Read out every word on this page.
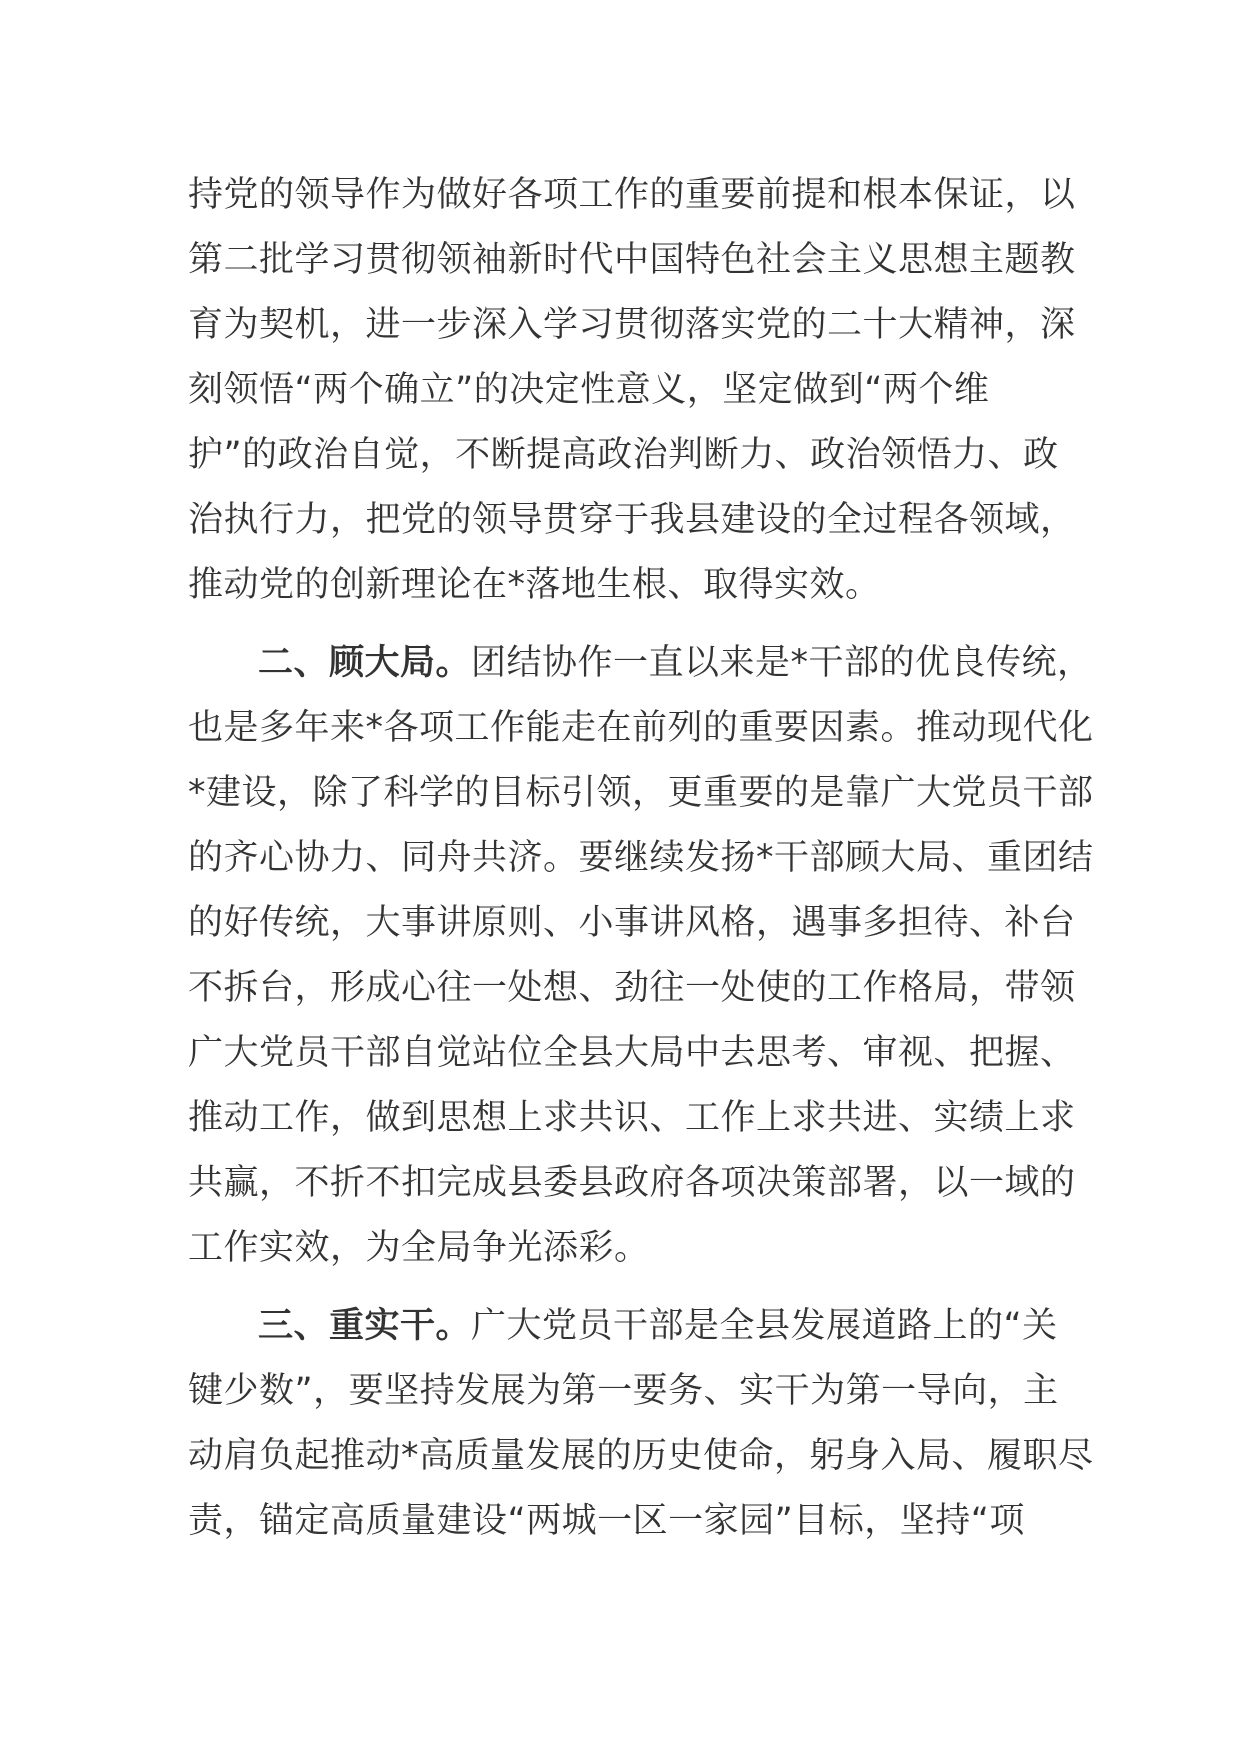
持党的领导作为做好各项工作的重要前提和根本保证，以
第二批学习贯彻领袖新时代中国特色社会主义思想主题教
育为契机，进一步深入学习贯彻落实党的二十大精神，深
刻领悟“两个确立”的决定性意义，坚定做到“两个维
护”的政治自觉，不断提高政治判断力、政治领悟力、政
治执行力，把党的领导贯穿于我县建设的全过程各领域，
推动党的创新理论在*落地生根、取得实效。
二、顾大局。团结协作一直以来是*干部的优良传统，
也是多年来*各项工作能走在前列的重要因素。推动现代化
*建设，除了科学的目标引领，更重要的是靠广大党员干部
的齐心协力、同舟共济。要继续发扬*干部顾大局、重团结
的好传统，大事讲原则、小事讲风格，遇事多担待、补台
不拆台，形成心往一处想、劲往一处使的工作格局，带领
广大党员干部自觉站位全县大局中去思考、审视、把握、
推动工作，做到思想上求共识、工作上求共进、实绩上求
共赢，不折不扣完成县委县政府各项决策部署，以一域的
工作实效，为全局争光添彩。
三、重实干。广大党员干部是全县发展道路上的“关
键少数”，要坚持发展为第一要务、实干为第一导向，主
动肩负起推动*高质量发展的历史使命，躬身入局、履职尽
责，锚定高质量建设“两城一区一家园”目标，坚持“项
